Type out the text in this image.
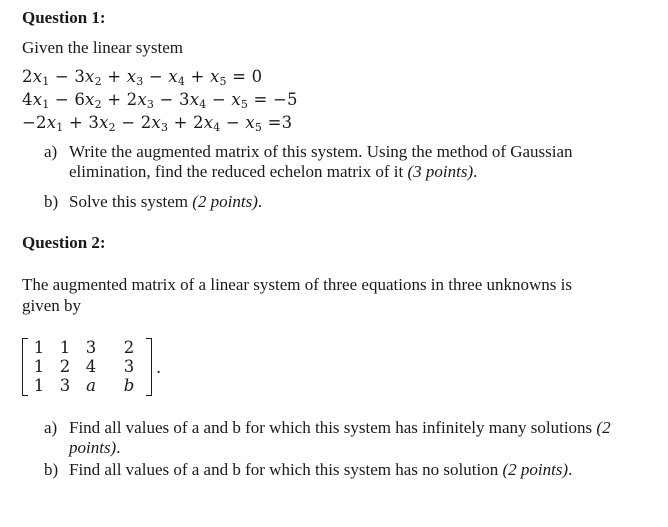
Question 1:
Given the linear system
$2x_1 - 3x_2 + x_3 - x_4 + x_5 = 0$
$4x_1 - 6x_2 + 2x_3 - 3x_4 - x_5 = -5$
$-2x_1 + 3x_2 - 2x_3 + 2x_4 - x_5 =3$
a) Write the augmented matrix of this system. Using the method of Gaussian
elimination, find the reduced echelon matrix of it (3 points).
b) Solve this system (2 points).
Question 2:
The augmented matrix of a linear system of three equations in three unknowns is
given by
1 1 3	2
1 2 4	3
1 3 a	b
.
a) Find all values of a and b for which this system has infinitely many solutions (2
points).
b) Find all values of a and b for which this system has no solution (2 points).
